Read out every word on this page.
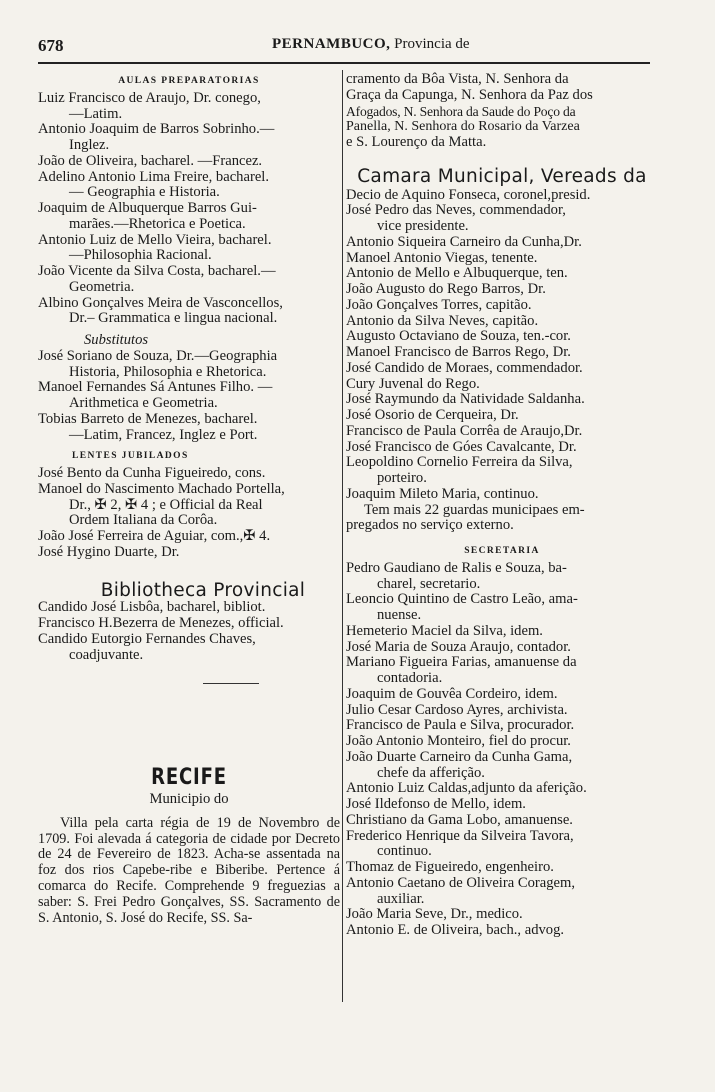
678	PERNAMBUCO, Provincia de
AULAS PREPARATORIAS
Luiz Francisco de Araujo, Dr. conego,
—Latim.
Antonio Joaquim de Barros Sobrinho.—
Inglez.
João de Oliveira, bacharel. —Francez.
Adelino Antonio Lima Freire, bacharel.
— Geographia e Historia.
Joaquim de Albuquerque Barros Gui-
marães.—Rhetorica e Poetica.
Antonio Luiz de Mello Vieira, bacharel.
—Philosophia Racional.
João Vicente da Silva Costa, bacharel.—
Geometria.
Albino Gonçalves Meira de Vasconcellos,
Dr.– Grammatica e lingua nacional.
Substitutos
José Soriano de Souza, Dr.—Geographia
Historia, Philosophia e Rhetorica.
Manoel Fernandes Sá Antunes Filho. —
Arithmetica e Geometria.
Tobias Barreto de Menezes, bacharel.
—Latim, Francez, Inglez e Port.
LENTES JUBILADOS
José Bento da Cunha Figueiredo, cons.
Manoel do Nascimento Machado Portella,
Dr., ✠ 2, ✠ 4 ; e Official da Real
Ordem Italiana da Corôa.
João José Ferreira de Aguiar, com.,✠ 4.
José Hygino Duarte, Dr.
Bibliotheca Provincial
Candido José Lisbôa, bacharel, bibliot.
Francisco H.Bezerra de Menezes, official.
Candido Eutorgio Fernandes Chaves,
coadjuvante.
RECIFE
Municipio do
Villa pela carta régia de 19 de Novembro de 1709. Foi alevada á categoria de cidade por Decreto de 24 de Fevereiro de 1823. Acha-se assentada na foz dos rios Capebe-ribe e Biberibe. Pertence á comarca do Recife. Comprehende 9 freguezias a saber: S. Frei Pedro Gonçalves, SS. Sacramento de S. Antonio, S. José do Recife, SS. Sa-
cramento da Bôa Vista, N. Senhora da
Graça da Capunga, N. Senhora da Paz dos
Afogados, N. Senhora da Saude do Poço da
Panella, N. Senhora do Rosario da Varzea
e S. Lourenço da Matta.
Camara Municipal, Vereads da
Decio de Aquino Fonseca, coronel,presid.
José Pedro das Neves, commendador,
vice presidente.
Antonio Siqueira Carneiro da Cunha,Dr.
Manoel Antonio Viegas, tenente.
Antonio de Mello e Albuquerque, ten.
João Augusto do Rego Barros, Dr.
João Gonçalves Torres, capitão.
Antonio da Silva Neves, capitão.
Augusto Octaviano de Souza, ten.-cor.
Manoel Francisco de Barros Rego, Dr.
José Candido de Moraes, commendador.
Cury Juvenal do Rego.
José Raymundo da Natividade Saldanha.
José Osorio de Cerqueira, Dr.
Francisco de Paula Corrêa de Araujo,Dr.
José Francisco de Góes Cavalcante, Dr.
Leopoldino Cornelio Ferreira da Silva,
porteiro.
Joaquim Mileto Maria, continuo.
Tem mais 22 guardas municipaes em-
pregados no serviço externo.
SECRETARIA
Pedro Gaudiano de Ralis e Souza, ba-
charel, secretario.
Leoncio Quintino de Castro Leão, ama-
nuense.
Hemeterio Maciel da Silva, idem.
José Maria de Souza Araujo, contador.
Mariano Figueira Farias, amanuense da
contadoria.
Joaquim de Gouvêa Cordeiro, idem.
Julio Cesar Cardoso Ayres, archivista.
Francisco de Paula e Silva, procurador.
João Antonio Monteiro, fiel do procur.
João Duarte Carneiro da Cunha Gama,
chefe da afferição.
Antonio Luiz Caldas,adjunto da aferição.
José Ildefonso de Mello, idem.
Christiano da Gama Lobo, amanuense.
Frederico Henrique da Silveira Tavora,
continuo.
Thomaz de Figueiredo, engenheiro.
Antonio Caetano de Oliveira Coragem,
auxiliar.
João Maria Seve, Dr., medico.
Antonio E. de Oliveira, bach., advog.
